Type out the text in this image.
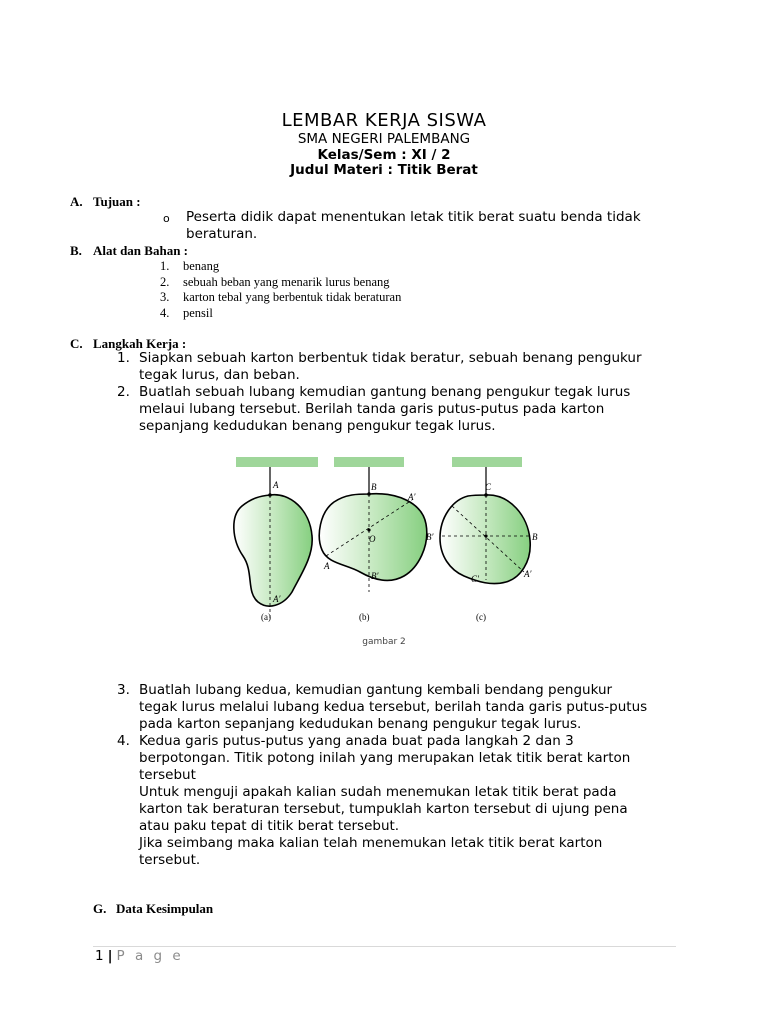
LEMBAR KERJA SISWA
SMA NEGERI PALEMBANG
Kelas/Sem : XI / 2
Judul Materi : Titik Berat
A. Tujuan :
o Peserta didik dapat menentukan letak titik berat suatu benda tidak
beraturan.
B. Alat dan Bahan :
1. benang
2. sebuah beban yang menarik lurus benang
3. karton tebal yang berbentuk tidak beraturan
4. pensil
C. Langkah Kerja :
1. Siapkan sebuah karton berbentuk tidak beratur, sebuah benang pengukur
tegak lurus, dan beban.
2. Buatlah sebuah lubang kemudian gantung benang pengukur tegak lurus
melaui lubang tersebut. Berilah tanda garis putus-putus pada karton
sepanjang kedudukan benang pengukur tegak lurus.
A
A′
(a)
B
A′
O
A
B′
(b)
C
B′	B
C′	A′
(c)
gambar 2
3. Buatlah lubang kedua, kemudian gantung kembali bendang pengukur
tegak lurus melalui lubang kedua tersebut, berilah tanda garis putus-putus
pada karton sepanjang kedudukan benang pengukur tegak lurus.
4. Kedua garis putus-putus yang anada buat pada langkah 2 dan 3
berpotongan. Titik potong inilah yang merupakan letak titik berat karton
tersebut
Untuk menguji apakah kalian sudah menemukan letak titik berat pada
karton tak beraturan tersebut, tumpuklah karton tersebut di ujung pena
atau paku tepat di titik berat tersebut.
Jika seimbang maka kalian telah menemukan letak titik berat karton
tersebut.
G. Data Kesimpulan
1 | P a g e
